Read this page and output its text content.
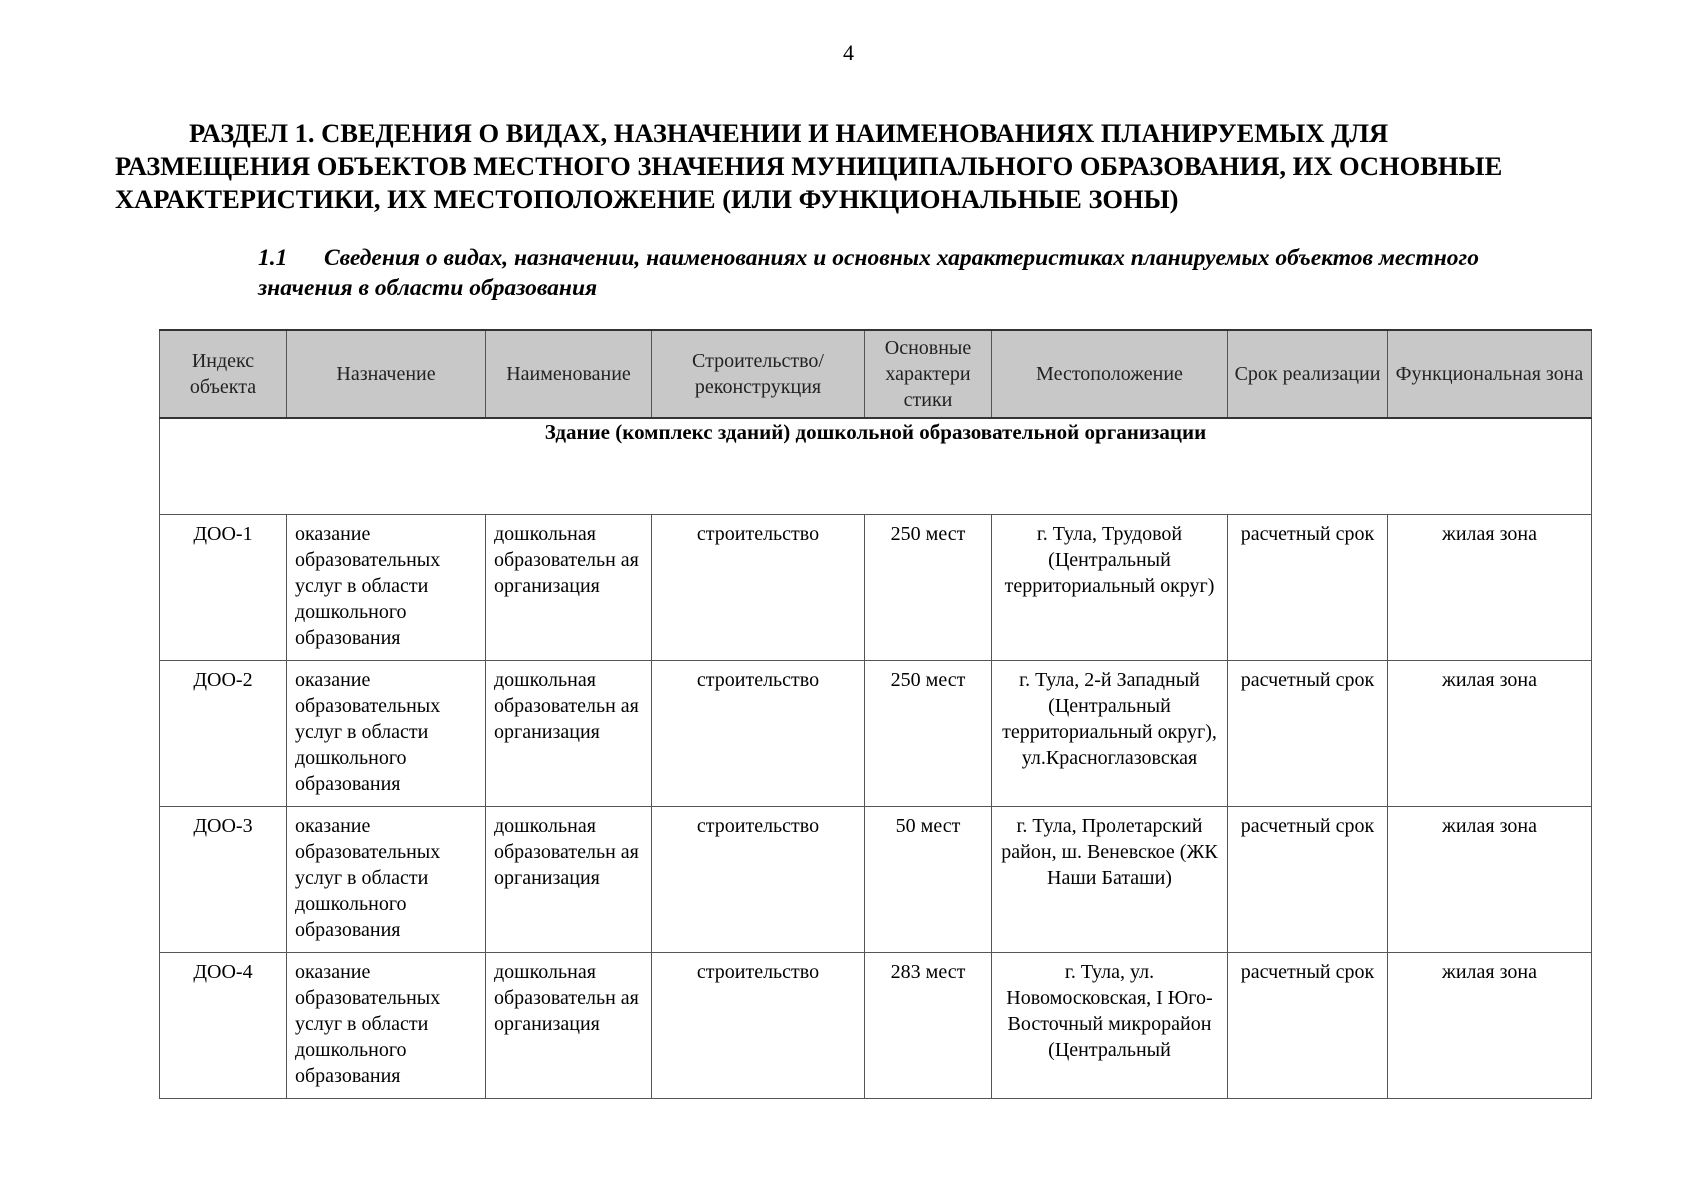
4
РАЗДЕЛ 1. СВЕДЕНИЯ О ВИДАХ, НАЗНАЧЕНИИ И НАИМЕНОВАНИЯХ ПЛАНИРУЕМЫХ ДЛЯ РАЗМЕЩЕНИЯ ОБЪЕКТОВ МЕСТНОГО ЗНАЧЕНИЯ МУНИЦИПАЛЬНОГО ОБРАЗОВАНИЯ, ИХ ОСНОВНЫЕ ХАРАКТЕРИСТИКИ, ИХ МЕСТОПОЛОЖЕНИЕ (ИЛИ ФУНКЦИОНАЛЬНЫЕ ЗОНЫ)
1.1 Сведения о видах, назначении, наименованиях и основных характеристиках планируемых объектов местного значения в области образования
Индекс объекта	Назначение	Наименование	Строительство/ реконструкция	Основные характери стики	Местоположение	Срок реализации	Функциональная зона
Здание (комплекс зданий) дошкольной образовательной организации							
ДОО-1	оказание образовательных услуг в области дошкольного образования	дошкольная образовательн ая организация	строительство	250 мест	г. Тула, Трудовой (Центральный территориальный округ)	расчетный срок	жилая зона
ДОО-2	оказание образовательных услуг в области дошкольного образования	дошкольная образовательн ая организация	строительство	250 мест	г. Тула, 2-й Западный (Центральный территориальный округ), ул.Красноглазовская	расчетный срок	жилая зона
ДОО-3	оказание образовательных услуг в области дошкольного образования	дошкольная образовательн ая организация	строительство	50 мест	г. Тула, Пролетарский район, ш. Веневское (ЖК Наши Баташи)	расчетный срок	жилая зона
ДОО-4	оказание образовательных услуг в области дошкольного образования	дошкольная образовательн ая организация	строительство	283 мест	г. Тула, ул. Новомосковская, I Юго-Восточный микрорайон (Центральный	расчетный срок	жилая зона
